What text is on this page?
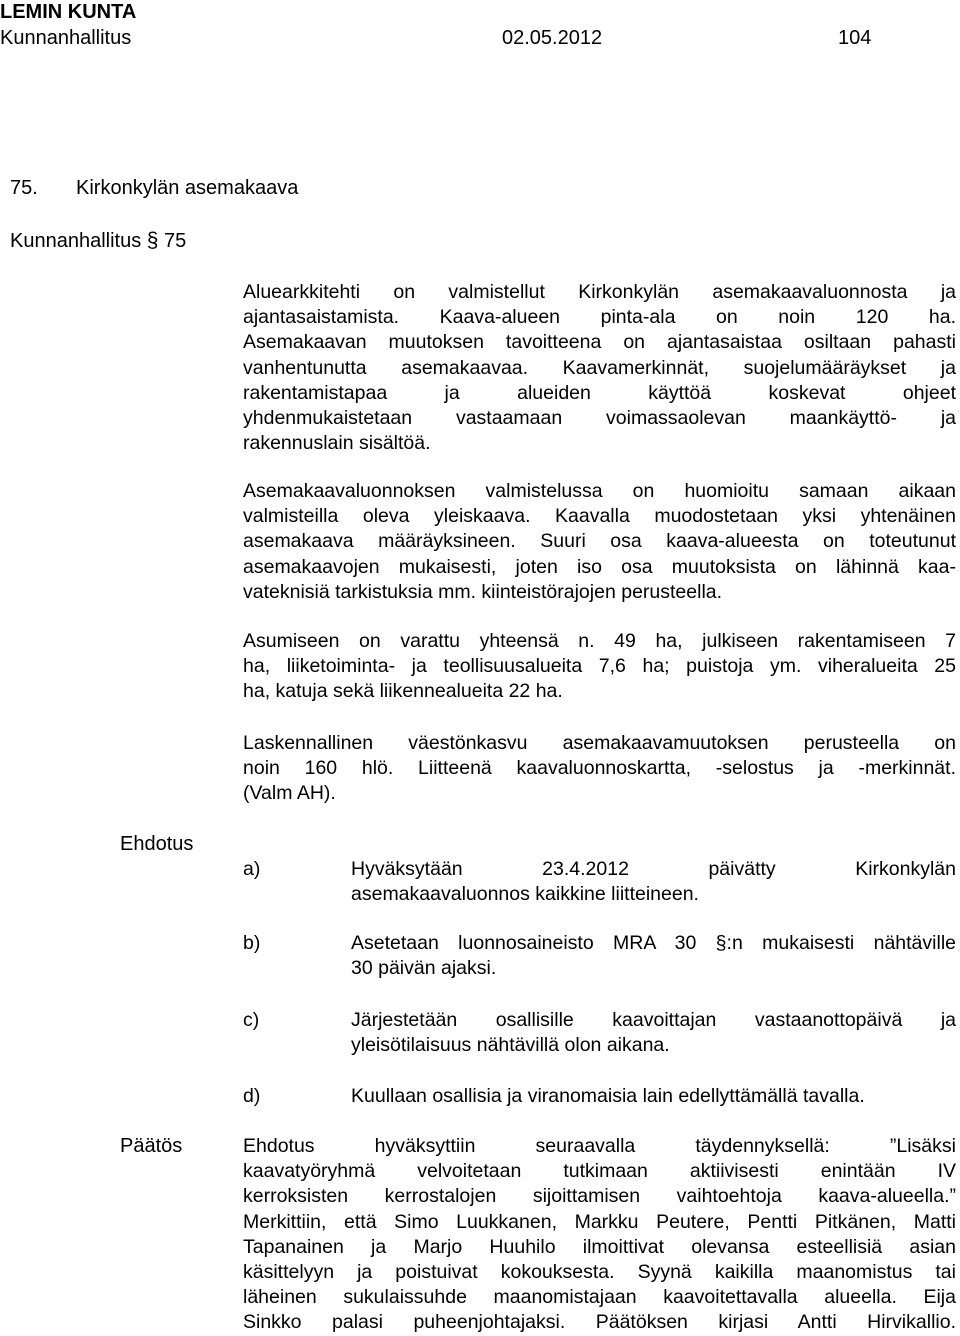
LEMIN KUNTA
Kunnanhallitus	02.05.2012	104
75. Kirkonkylän asemakaava
Kunnanhallitus § 75
Aluearkkitehti on valmistellut Kirkonkylän asemakaavaluonnosta ja
ajantasaistamista. Kaava-alueen pinta-ala on noin 120 ha.
Asemakaavan muutoksen tavoitteena on ajantasaistaa osiltaan pahasti
vanhentunutta asemakaavaa. Kaavamerkinnät, suojelumääräykset ja
rakentamistapaa ja alueiden käyttöä koskevat ohjeet
yhdenmukaistetaan vastaamaan voimassaolevan maankäyttö- ja
rakennuslain sisältöä.
Asemakaavaluonnoksen valmistelussa on huomioitu samaan aikaan
valmisteilla oleva yleiskaava. Kaavalla muodostetaan yksi yhtenäinen
asemakaava määräyksineen. Suuri osa kaava-alueesta on toteutunut
asemakaavojen mukaisesti, joten iso osa muutoksista on lähinnä kaa-
vateknisiä tarkistuksia mm. kiinteistörajojen perusteella.
Asumiseen on varattu yhteensä n. 49 ha, julkiseen rakentamiseen 7
ha, liiketoiminta- ja teollisuusalueita 7,6 ha; puistoja ym. viheralueita 25
ha, katuja sekä liikennealueita 22 ha.
Laskennallinen väestönkasvu asemakaavamuutoksen perusteella on
noin 160 hlö. Liitteenä kaavaluonnoskartta, -selostus ja -merkinnät.
(Valm AH).
Ehdotus
a)	Hyväksytään 23.4.2012 päivätty Kirkonkylän
asemakaavaluonnos kaikkine liitteineen.
b)	Asetetaan luonnosaineisto MRA 30 §:n mukaisesti nähtäville
30 päivän ajaksi.
c)	Järjestetään osallisille kaavoittajan vastaanottopäivä ja
yleisötilaisuus nähtävillä olon aikana.
d)	Kuullaan osallisia ja viranomaisia lain edellyttämällä tavalla.
Päätös	Ehdotus hyväksyttiin seuraavalla täydennyksellä: ”Lisäksi
kaavatyöryhmä velvoitetaan tutkimaan aktiivisesti enintään IV
kerroksisten kerrostalojen sijoittamisen vaihtoehtoja kaava-alueella.”
Merkittiin, että Simo Luukkanen, Markku Peutere, Pentti Pitkänen, Matti
Tapanainen ja Marjo Huuhilo ilmoittivat olevansa esteellisiä asian
käsittelyyn ja poistuivat kokouksesta. Syynä kaikilla maanomistus tai
läheinen sukulaissuhde maanomistajaan kaavoitettavalla alueella. Eija
Sinkko palasi puheenjohtajaksi. Päätöksen kirjasi Antti Hirvikallio.
